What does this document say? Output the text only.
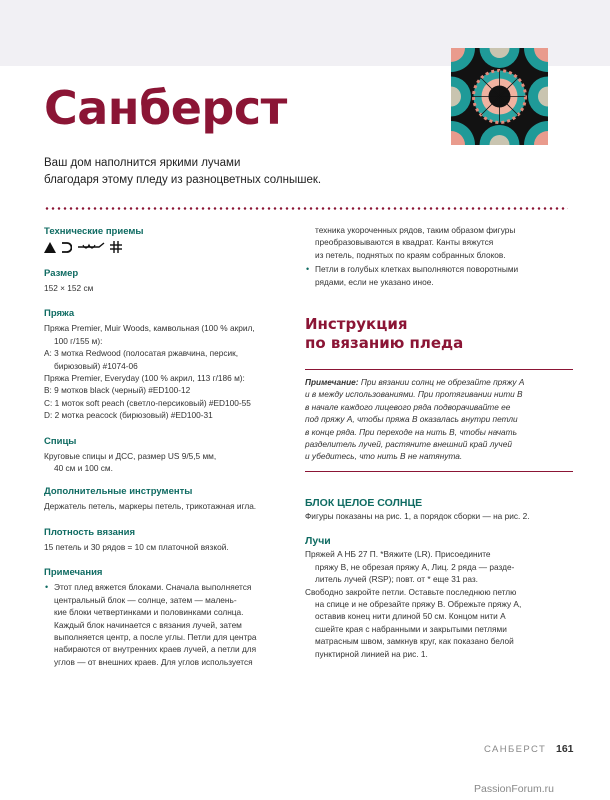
Санберст
Ваш дом наполнится яркими лучами
благодаря этому пледу из разноцветных солнышек.
Технические приемы
Размер
152 × 152 см
Пряжа
Пряжа Premier, Muir Woods, камвольная (100 % акрил,
100 г/155 м):
A: 3 мотка Redwood (полосатая ржавчина, персик,
бирюзовый) #1074-06
Пряжа Premier, Everyday (100 % акрил, 113 г/186 м):
B: 9 мотков black (черный) #ED100-12
C: 1 моток soft peach (светло-персиковый) #ED100-55
D: 2 мотка peacock (бирюзовый) #ED100-31
Спицы
Круговые спицы и ДСС, размер US 9/5,5 мм,
40 см и 100 см.
Дополнительные инструменты
Держатель петель, маркеры петель, трикотажная игла.
Плотность вязания
15 петель и 30 рядов = 10 см платочной вязкой.
Примечания
• Этот плед вяжется блоками. Сначала выполняется
центральный блок — солнце, затем — малень-
кие блоки четвертинками и половинками солнца.
Каждый блок начинается с вязания лучей, затем
выполняется центр, а после углы. Петли для центра
набираются от внутренних краев лучей, а петли для
углов — от внешних краев. Для углов используется
техника укороченных рядов, таким образом фигуры
преобразовываются в квадрат. Канты вяжутся
из петель, поднятых по краям собранных блоков.
• Петли в голубых клетках выполняются поворотными
рядами, если не указано иное.
Инструкция
по вязанию пледа
Примечание: При вязании солнц не обрезайте пряжу A
и в между использованиями. При протягивании нити B
в начале каждого лицевого ряда подворачивайте ее
под пряжу A, чтобы пряжа B оказалась внутри петли
в конце ряда. При переходе на нить B, чтобы начать
разделитель лучей, растяните внешний край лучей
и убедитесь, что нить B не натянута.
БЛОК ЦЕЛОЕ СОЛНЦЕ
Фигуры показаны на рис. 1, а порядок сборки — на рис. 2.
Лучи
Пряжей A НБ 27 П. *Вяжите (LR). Присоедините
пряжу B, не обрезая пряжу A, Лиц. 2 ряда — разде-
литель лучей (RSP); повт. от * еще 31 раз.
Свободно закройте петли. Оставьте последнюю петлю
на спице и не обрезайте пряжу B. Обрежьте пряжу A,
оставив конец нити длиной 50 см. Концом нити A
сшейте края с набранными и закрытыми петлями
матрасным швом, замкнув круг, как показано белой
пунктирной линией на рис. 1.
САНБЕРСТ 161
PassionForum.ru
